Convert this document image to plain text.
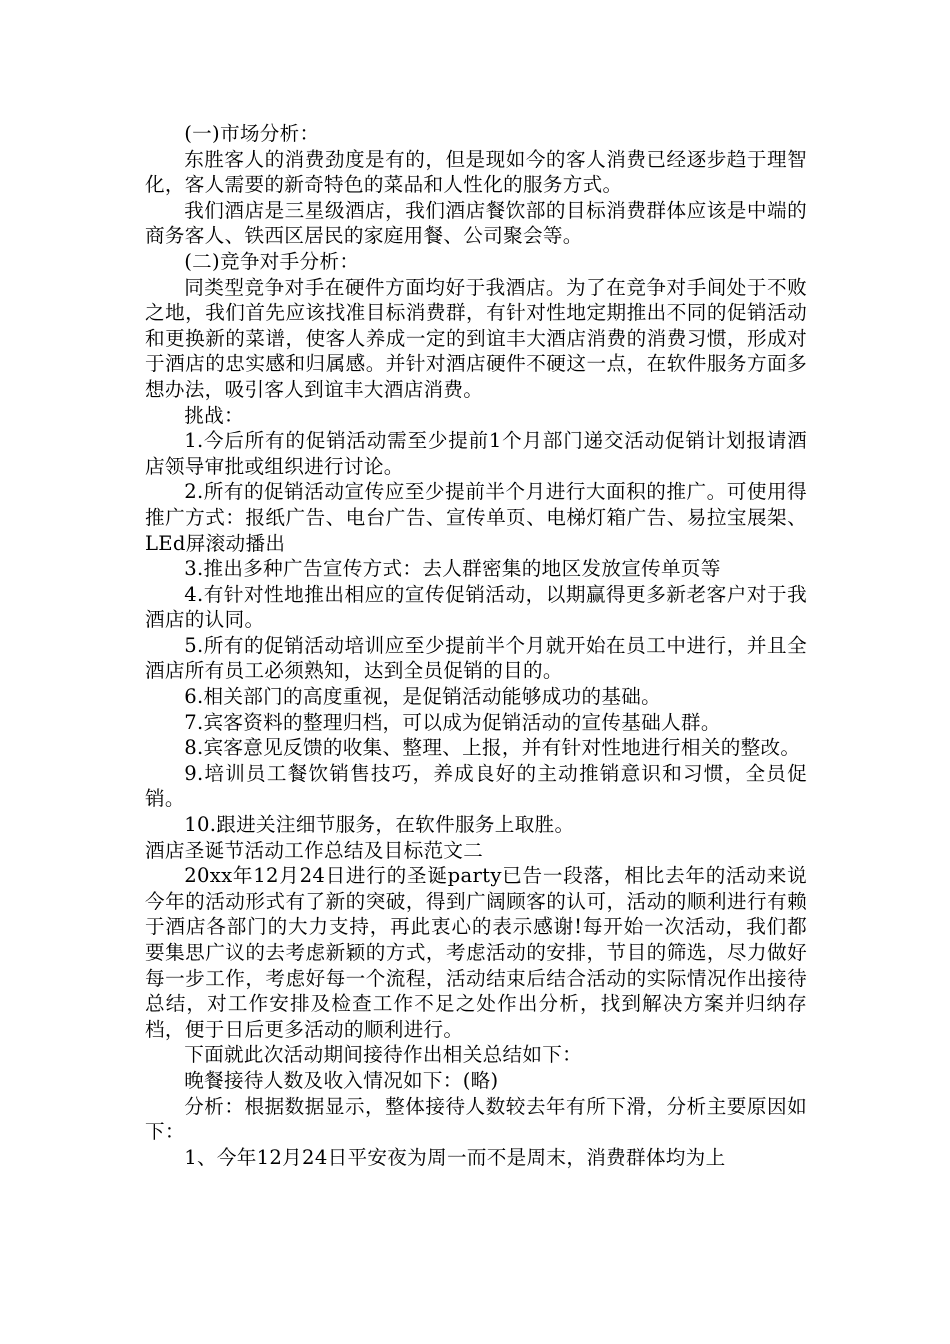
(一)市场分析：

东胜客人的消费劲度是有的，但是现如今的客人消费已经逐步趋于理智化，客人需要的新奇特色的菜品和人性化的服务方式。

我们酒店是三星级酒店，我们酒店餐饮部的目标消费群体应该是中端的商务客人、铁西区居民的家庭用餐、公司聚会等。

(二)竞争对手分析：

同类型竞争对手在硬件方面均好于我酒店。为了在竞争对手间处于不败之地，我们首先应该找准目标消费群，有针对性地定期推出不同的促销活动和更换新的菜谱，使客人养成一定的到谊丰大酒店消费的消费习惯，形成对于酒店的忠实感和归属感。并针对酒店硬件不硬这一点，在软件服务方面多想办法，吸引客人到谊丰大酒店消费。

挑战：

1.今后所有的促销活动需至少提前1个月部门递交活动促销计划报请酒店领导审批或组织进行讨论。

2.所有的促销活动宣传应至少提前半个月进行大面积的推广。可使用得推广方式：报纸广告、电台广告、宣传单页、电梯灯箱广告、易拉宝展架、LEd屏滚动播出

3.推出多种广告宣传方式：去人群密集的地区发放宣传单页等

4.有针对性地推出相应的宣传促销活动，以期赢得更多新老客户对于我酒店的认同。

5.所有的促销活动培训应至少提前半个月就开始在员工中进行，并且全酒店所有员工必须熟知，达到全员促销的目的。

6.相关部门的高度重视，是促销活动能够成功的基础。

7.宾客资料的整理归档，可以成为促销活动的宣传基础人群。

8.宾客意见反馈的收集、整理、上报，并有针对性地进行相关的整改。

9.培训员工餐饮销售技巧，养成良好的主动推销意识和习惯，全员促销。

10.跟进关注细节服务，在软件服务上取胜。

酒店圣诞节活动工作总结及目标范文二

20xx年12月24日进行的圣诞party已告一段落，相比去年的活动来说今年的活动形式有了新的突破，得到广阔顾客的认可，活动的顺利进行有赖于酒店各部门的大力支持，再此衷心的表示感谢!每开始一次活动，我们都要集思广议的去考虑新颖的方式，考虑活动的安排，节目的筛选，尽力做好每一步工作，考虑好每一个流程，活动结束后结合活动的实际情况作出接待总结，对工作安排及检查工作不足之处作出分析，找到解决方案并归纳存档，便于日后更多活动的顺利进行。

下面就此次活动期间接待作出相关总结如下：

晚餐接待人数及收入情况如下：(略)

分析：根据数据显示，整体接待人数较去年有所下滑，分析主要原因如下：

1、今年12月24日平安夜为周一而不是周末，消费群体均为上
